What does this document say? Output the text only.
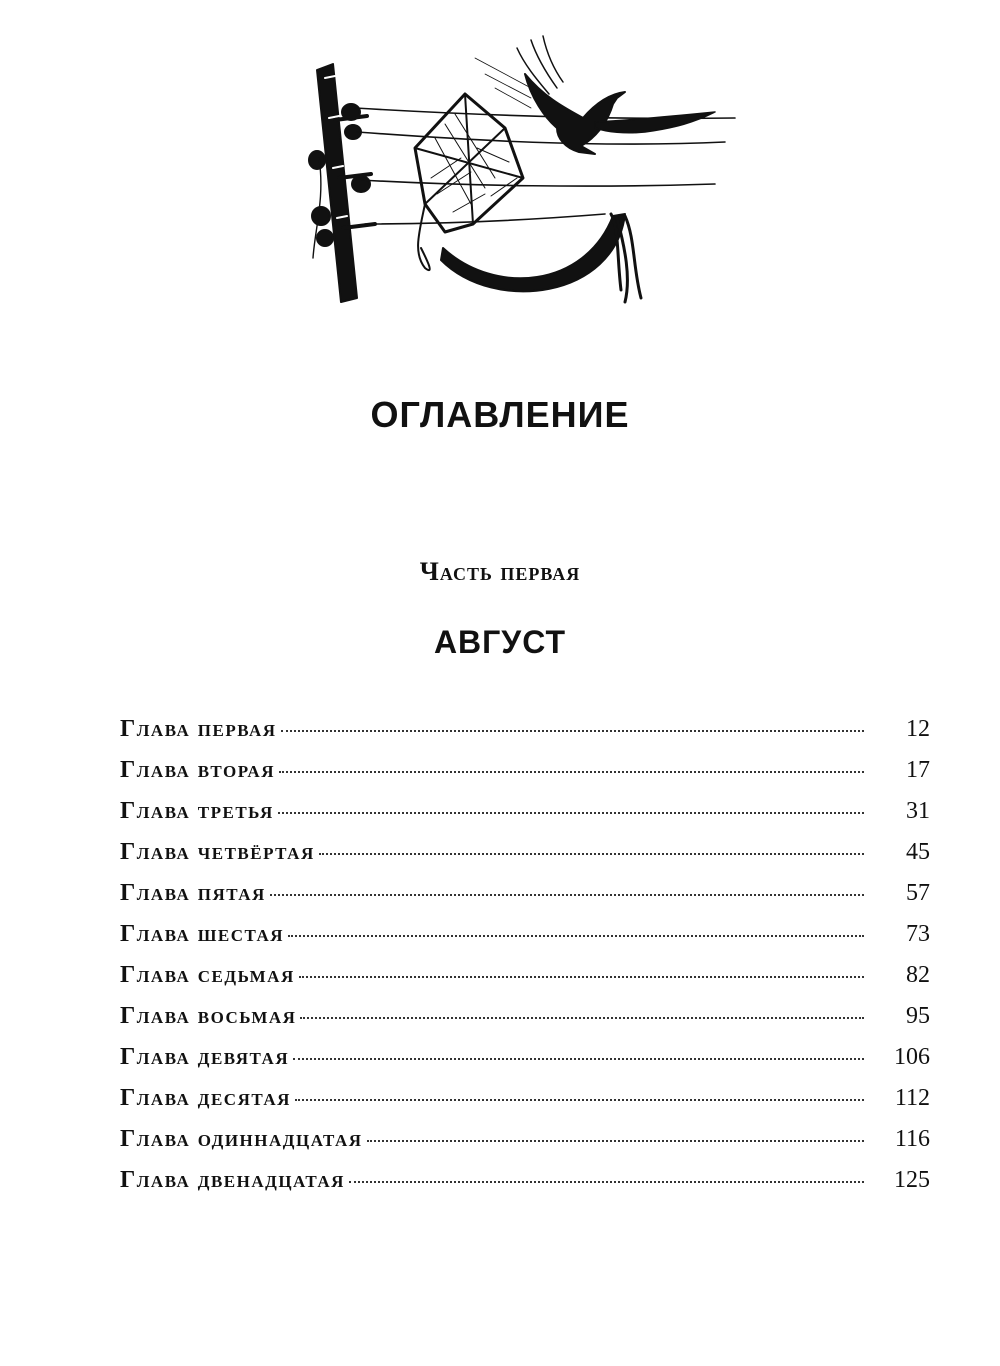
ОГЛАВЛЕНИЕ
Часть первая
АВГУСТ
Глава первая	12
Глава вторая	17
Глава третья	31
Глава четвёртая	45
Глава пятая	57
Глава шестая	73
Глава седьмая	82
Глава восьмая	95
Глава девятая	106
Глава десятая	112
Глава одиннадцатая	116
Глава двенадцатая	125
